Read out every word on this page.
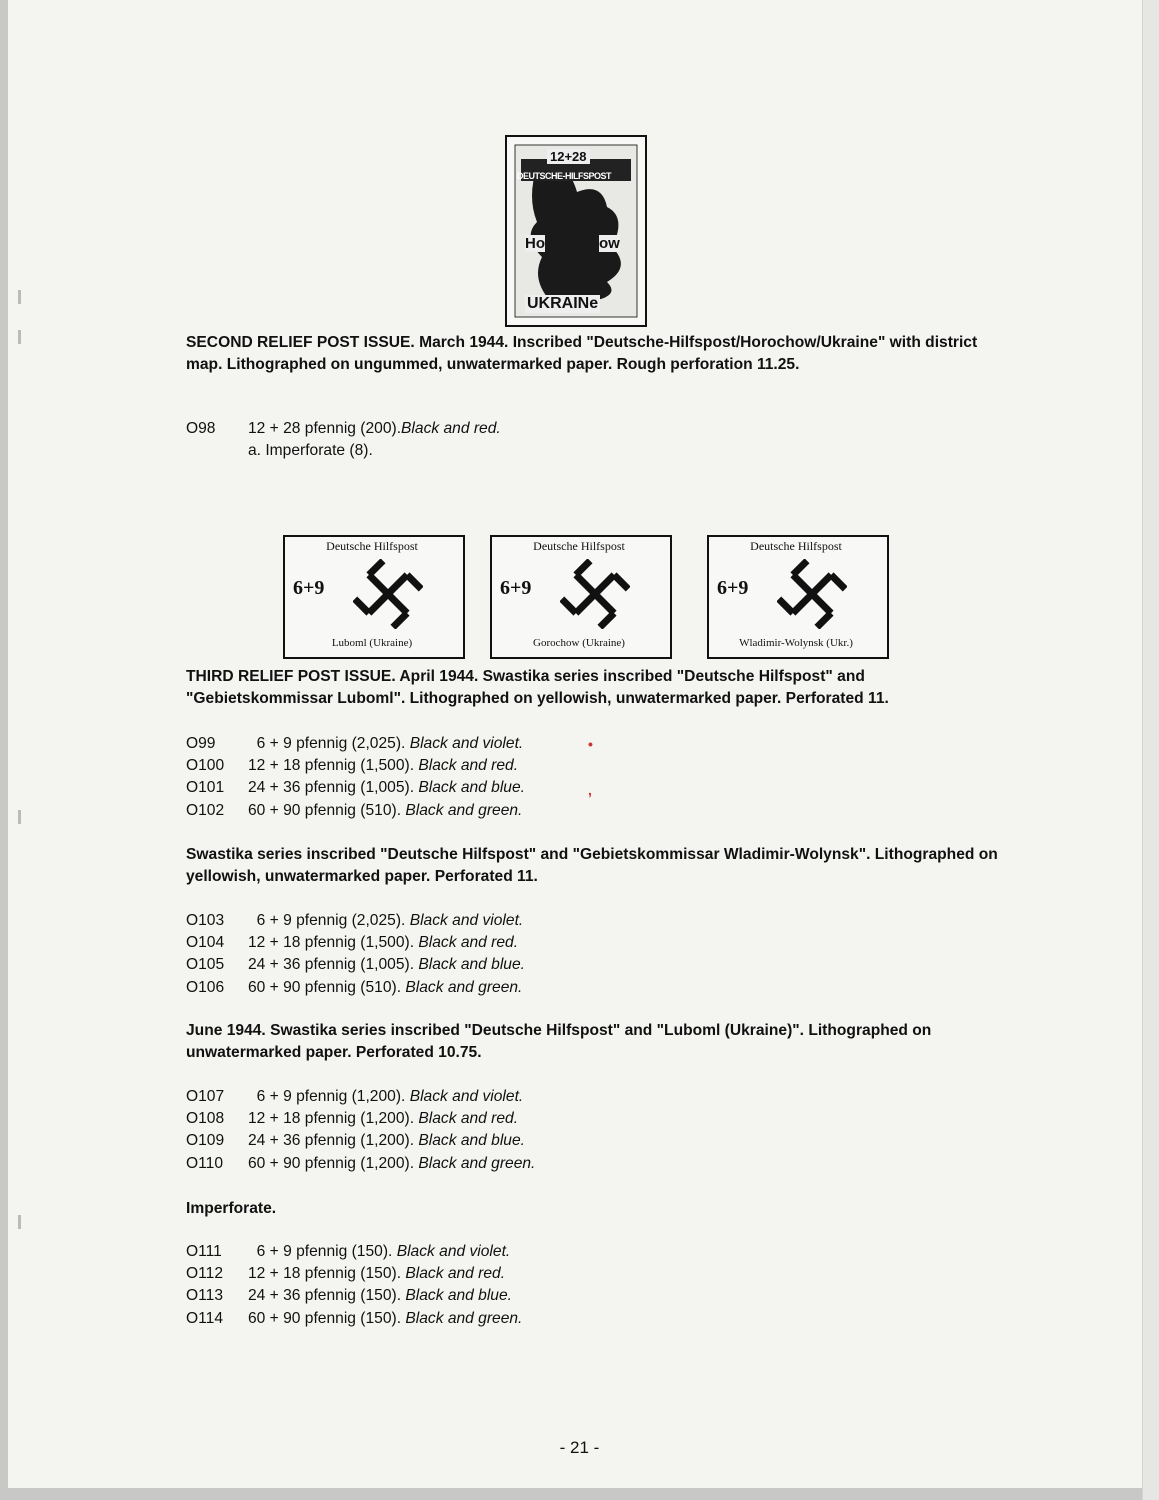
12+28
DEUTSCHE-HILFSPOST
Ho	ow
UKRAINe
SECOND RELIEF POST ISSUE. March 1944. Inscribed "Deutsche-Hilfspost/Horochow/Ukraine" with district map. Lithographed on ungummed, unwatermarked paper. Rough perforation 11.25.
O98 12 + 28 pfennig (200).Black and red.
a. Imperforate (8).
Deutsche Hilfspost
6+9
Luboml (Ukraine)
Deutsche Hilfspost
6+9
Gorochow (Ukraine)
Deutsche Hilfspost
6+9
Wladimir-Wolynsk (Ukr.)
THIRD RELIEF POST ISSUE. April 1944. Swastika series inscribed "Deutsche Hilfspost" and "Gebietskommissar Luboml". Lithographed on yellowish, unwatermarked paper. Perforated 11.
O99  6 + 9 pfennig (2,025). Black and violet.
O100 12 + 18 pfennig (1,500). Black and red.
O101 24 + 36 pfennig (1,005). Black and blue.
O102 60 + 90 pfennig (510). Black and green.
Swastika series inscribed "Deutsche Hilfspost" and "Gebietskommissar Wladimir-Wolynsk". Lithographed on yellowish, unwatermarked paper. Perforated 11.
O103  6 + 9 pfennig (2,025). Black and violet.
O104 12 + 18 pfennig (1,500). Black and red.
O105 24 + 36 pfennig (1,005). Black and blue.
O106 60 + 90 pfennig (510). Black and green.
June 1944. Swastika series inscribed "Deutsche Hilfspost" and "Luboml (Ukraine)". Lithographed on unwatermarked paper. Perforated 10.75.
O107  6 + 9 pfennig (1,200). Black and violet.
O108 12 + 18 pfennig (1,200). Black and red.
O109 24 + 36 pfennig (1,200). Black and blue.
O110 60 + 90 pfennig (1,200). Black and green.
Imperforate.
O111  6 + 9 pfennig (150). Black and violet.
O112 12 + 18 pfennig (150). Black and red.
O113 24 + 36 pfennig (150). Black and blue.
O114 60 + 90 pfennig (150). Black and green.
•
,
- 21 -
